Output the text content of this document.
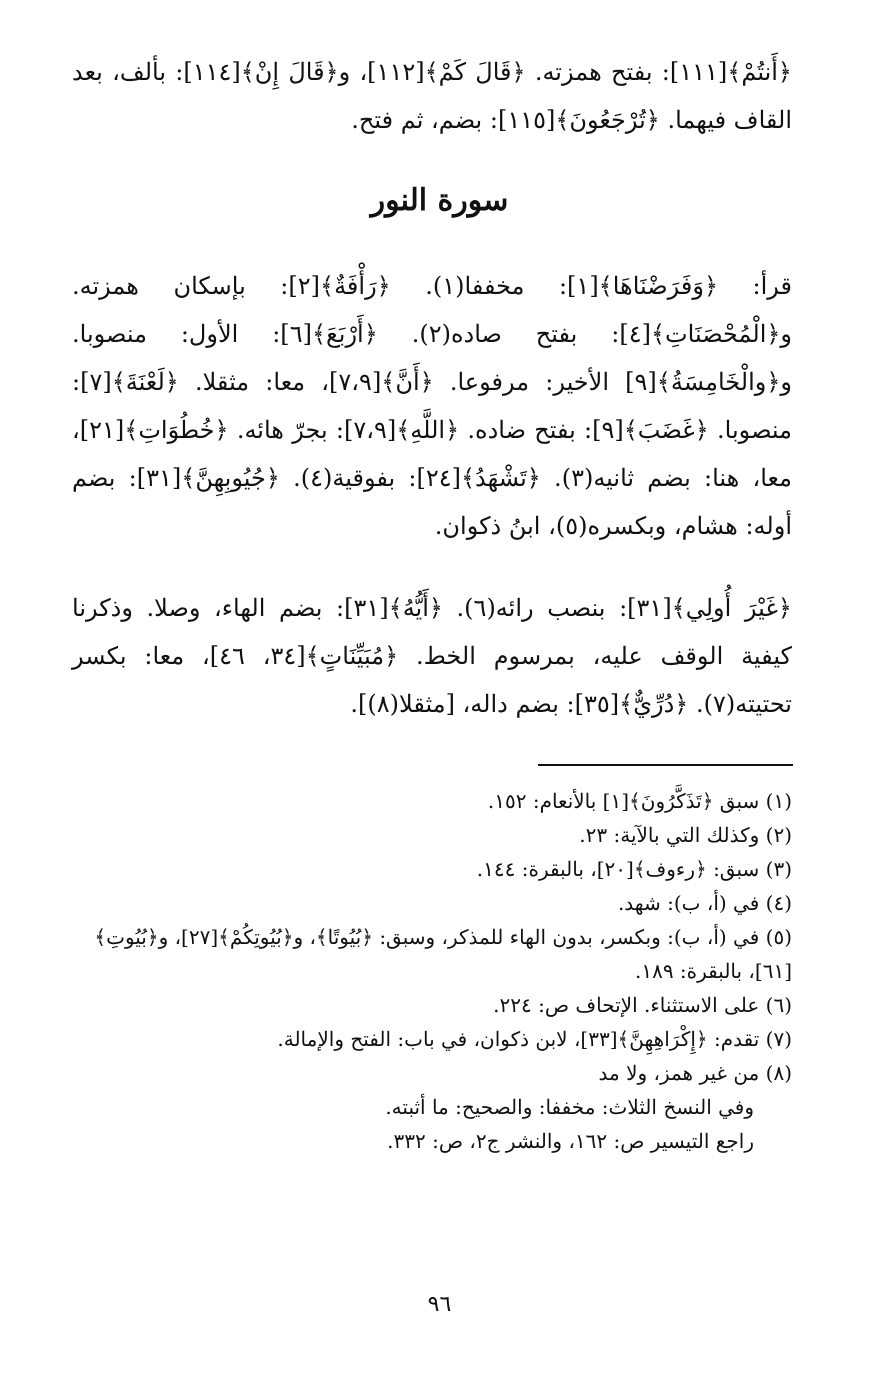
﴿أَنتُمْ﴾[١١١]: بفتح همزته. ﴿قَالَ كَمْ﴾[١١٢]، و﴿قَالَ إِنْ﴾[١١٤]: بألف، بعد القاف فيهما. ﴿تُرْجَعُونَ﴾[١١٥]: بضم، ثم فتح.

سورة النور

قرأ: ﴿وَفَرَضْنَاهَا﴾[١]: مخففا(١). ﴿رَأْفَةٌ﴾[٢]: بإسكان همزته. و﴿الْمُحْصَنَاتِ﴾[٤]: بفتح صاده(٢). ﴿أَرْبَعَ﴾[٦]: الأول: منصوبا. و﴿والْخَامِسَةُ﴾[٩] الأخير: مرفوعا. ﴿أَنَّ﴾[٧،٩]، معا: مثقلا. ﴿لَعْنَةَ﴾[٧]: منصوبا. ﴿غَضَبَ﴾[٩]: بفتح ضاده. ﴿اللَّهِ﴾[٧،٩]: بجرّ هائه. ﴿خُطُوَاتِ﴾[٢١]، معا، هنا: بضم ثانيه(٣). ﴿تَشْهَدُ﴾[٢٤]: بفوقية(٤). ﴿جُيُوبِهِنَّ﴾[٣١]: بضم أوله: هشام، وبكسره(٥)، ابنُ ذكوان.

﴿غَيْرَ أُولِي﴾[٣١]: بنصب رائه(٦). ﴿أَيُّهُ﴾[٣١]: بضم الهاء، وصلا. وذكرنا كيفية الوقف عليه، بمرسوم الخط. ﴿مُبَيِّنَاتٍ﴾[٣٤، ٤٦]، معا: بكسر تحتيته(٧). ﴿دُرِّيٌّ﴾[٣٥]: بضم داله، [مثقلا(٨)].

(١) سبق ﴿تَذَكَّرُونَ﴾[١] بالأنعام: ١٥٢.

(٢) وكذلك التي بالآية: ٢٣.

(٣) سبق: ﴿رءوف﴾[٢٠]، بالبقرة: ١٤٤.

(٤) في (أ، ب): شهد.

(٥) في (أ، ب): وبكسر، بدون الهاء للمذكر، وسبق: ﴿بُيُوتًا﴾، و﴿بُيُوتِكُمْ﴾[٢٧]، و﴿بُيُوتِ﴾[٦١]، بالبقرة: ١٨٩.

(٦) على الاستثناء. الإتحاف ص: ٢٢٤.

(٧) تقدم: ﴿إِكْرَاهِهِنَّ﴾[٣٣]، لابن ذكوان، في باب: الفتح والإمالة.

(٨) من غير همز، ولا مد

وفي النسخ الثلاث: مخففا: والصحيح: ما أثبته.

راجع التيسير ص: ١٦٢، والنشر ج٢، ص: ٣٣٢.

٩٦
